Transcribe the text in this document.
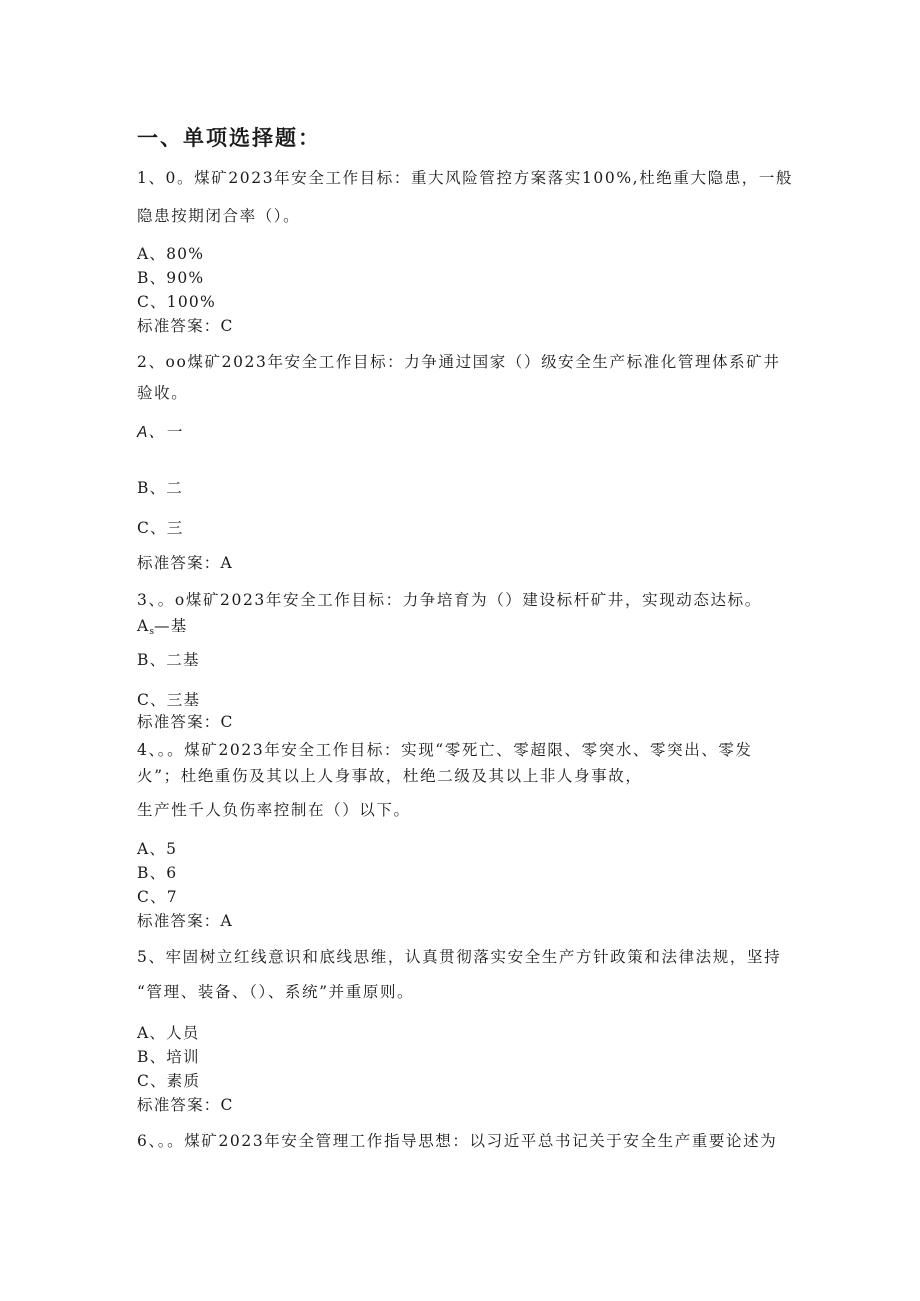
一、单项选择题：
1、0。煤矿2023年安全工作目标：重大风险管控方案落实100%,杜绝重大隐患，一般
隐患按期闭合率（）。
A、80%
B、90%
C、100%
标准答案：C
2、oo煤矿2023年安全工作目标：力争通过国家（）级安全生产标准化管理体系矿井
验收。
A、一
B、二
C、三
标准答案：A
3、。o煤矿2023年安全工作目标：力争培育为（）建设标杆矿井，实现动态达标。
$A_s—$基
B、二基
C、三基
标准答案：C
4、。。煤矿2023年安全工作目标：实现“零死亡、零超限、零突水、零突出、零发
火”；杜绝重伤及其以上人身事故，杜绝二级及其以上非人身事故，
生产性千人负伤率控制在（）以下。
A、5
B、6
C、7
标准答案：A
5、牢固树立红线意识和底线思维，认真贯彻落实安全生产方针政策和法律法规，坚持
“管理、装备、（）、系统”并重原则。
A、人员
B、培训
C、素质
标准答案：C
6、。。煤矿2023年安全管理工作指导思想：以习近平总书记关于安全生产重要论述为
